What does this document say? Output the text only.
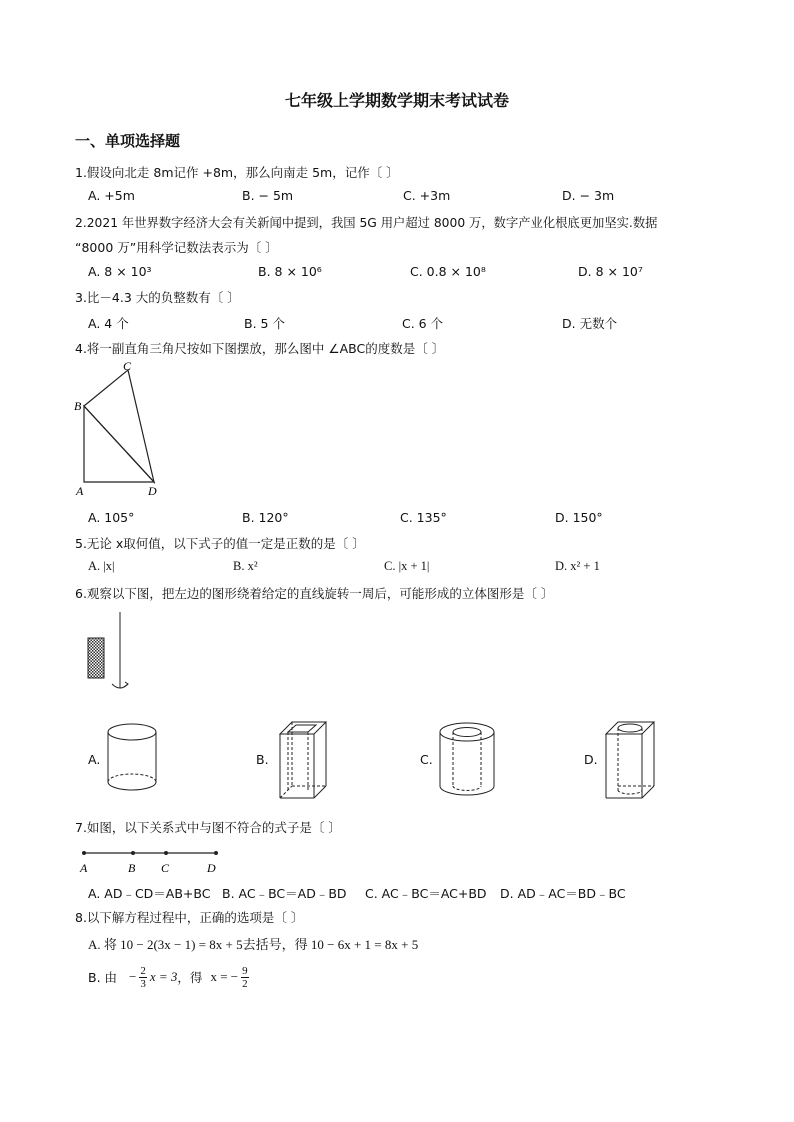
七年级上学期数学期末考试试卷
一、单项选择题
1.假设向北走 8m记作 +8m，那么向南走 5m，记作〔 〕
A. +5m	B. − 5m	C. +3m	D. − 3m
2.2021 年世界数字经济大会有关新闻中提到，我国 5G 用户超过 8000 万，数字产业化根底更加坚实.数据
“8000 万”用科学记数法表示为〔 〕
A. 8 × 10³	B. 8 × 10⁶	C. 0.8 × 10⁸	D. 8 × 10⁷
3.比－4.3 大的负整数有〔 〕
A. 4 个	B. 5 个	C. 6 个	D. 无数个
4.将一副直角三角尺按如下图摆放，那么图中 ∠ABC的度数是〔 〕
C
B
A	D
A. 105°	B. 120°	C. 135°	D. 150°
5.无论 x取何值，以下式子的值一定是正数的是〔 〕
A. |x|	B. x²	C. |x + 1|	D. x² + 1
6.观察以下图，把左边的图形绕着给定的直线旋转一周后，可能形成的立体图形是〔 〕
A.	B.	C.	D.
7.如图，以下关系式中与图不符合的式子是〔 〕
A	B C	D
A. AD﹣CD＝AB+BC B. AC﹣BC＝AD﹣BD C. AC﹣BC＝AC+BD D. AD﹣AC＝BD﹣BC
8.以下解方程过程中，正确的选项是〔 〕
A. 将 10 − 2(3x − 1) = 8x + 5去括号，得 10 − 6x + 1 = 8x + 5
B. 由 − $\frac{2}{3}$ x = 3 ，得 x = − $\frac{9}{2}$
